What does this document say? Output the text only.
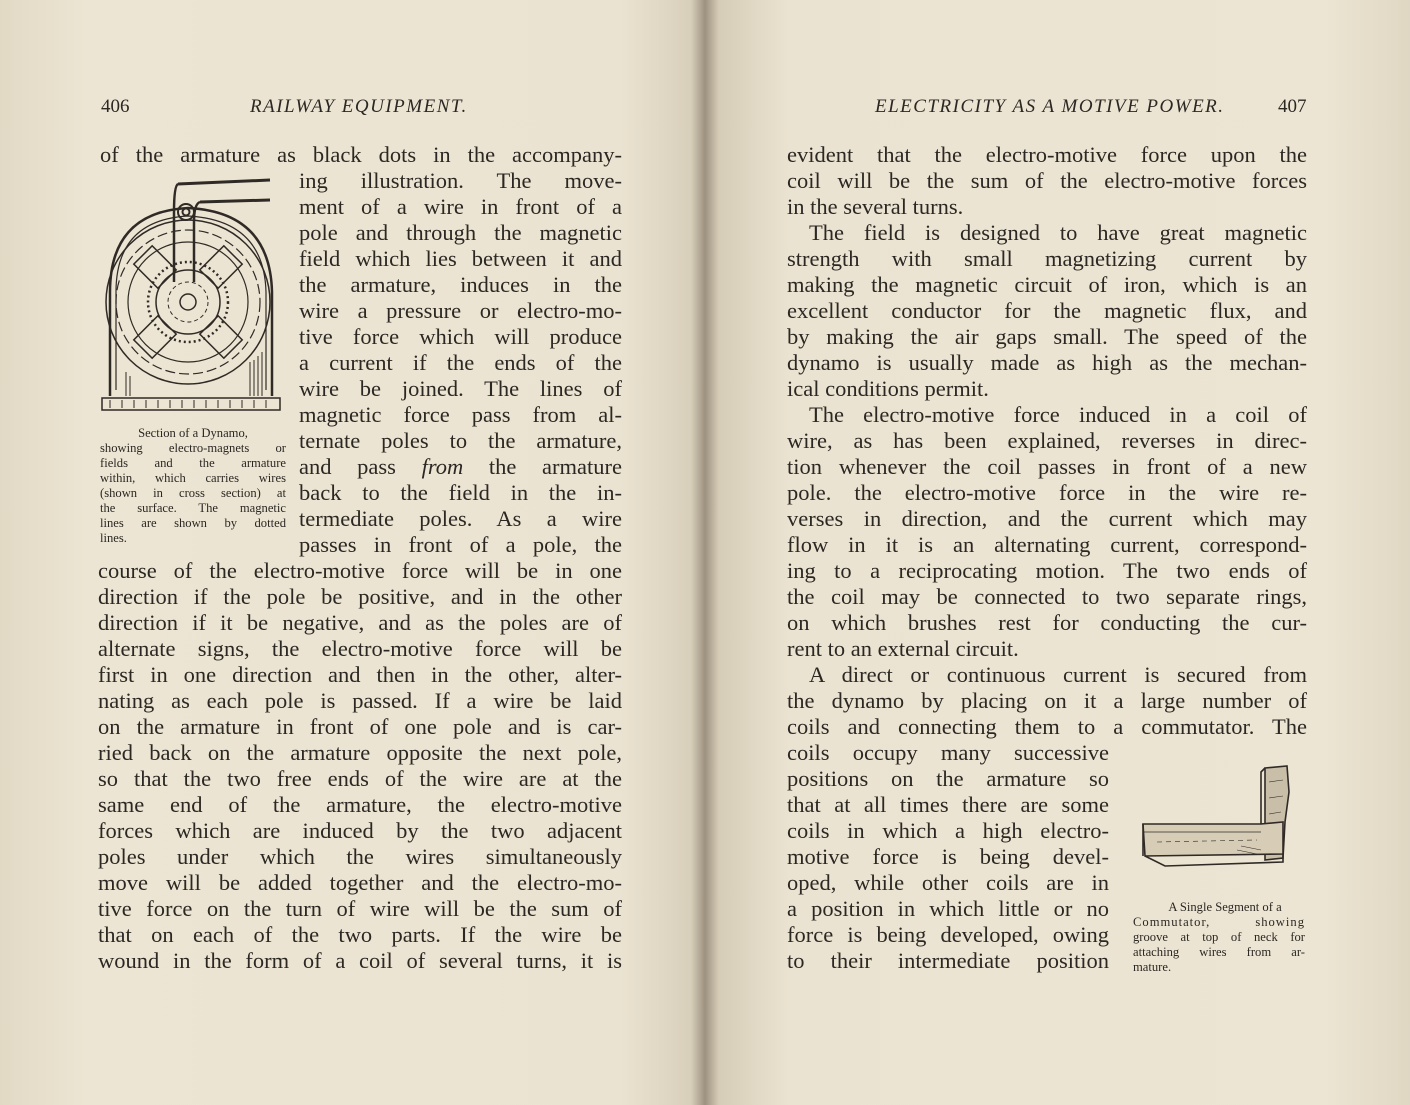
406	RAILWAY EQUIPMENT.
of the armature as black dots in the accompany-
Section of a Dynamo,
showing electro-magnets or
fields and the armature
within, which carries wires
(shown in cross section) at
the surface. The magnetic
lines are shown by dotted
lines.
ing illustration. The move-
ment of a wire in front of a
pole and through the magnetic
field which lies between it and
the armature, induces in the
wire a pressure or electro-mo-
tive force which will produce
a current if the ends of the
wire be joined. The lines of
magnetic force pass from al-
ternate poles to the armature,
and pass from the armature
back to the field in the in-
termediate poles. As a wire
passes in front of a pole, the
course of the electro-motive force will be in one
direction if the pole be positive, and in the other
direction if it be negative, and as the poles are of
alternate signs, the electro-motive force will be
first in one direction and then in the other, alter-
nating as each pole is passed. If a wire be laid
on the armature in front of one pole and is car-
ried back on the armature opposite the next pole,
so that the two free ends of the wire are at the
same end of the armature, the electro-motive
forces which are induced by the two adjacent
poles under which the wires simultaneously
move will be added together and the electro-mo-
tive force on the turn of wire will be the sum of
that on each of the two parts. If the wire be
wound in the form of a coil of several turns, it is
ELECTRICITY AS A MOTIVE POWER.	407
evident that the electro-motive force upon the
coil will be the sum of the electro-motive forces
in the several turns.
The field is designed to have great magnetic
strength with small magnetizing current by
making the magnetic circuit of iron, which is an
excellent conductor for the magnetic flux, and
by making the air gaps small. The speed of the
dynamo is usually made as high as the mechan-
ical conditions permit.
The electro-motive force induced in a coil of
wire, as has been explained, reverses in direc-
tion whenever the coil passes in front of a new
pole. the electro-motive force in the wire re-
verses in direction, and the current which may
flow in it is an alternating current, correspond-
ing to a reciprocating motion. The two ends of
the coil may be connected to two separate rings,
on which brushes rest for conducting the cur-
rent to an external circuit.
A direct or continuous current is secured from
the dynamo by placing on it a large number of
coils and connecting them to a commutator. The
coils occupy many successive
positions on the armature so
that at all times there are some
coils in which a high electro-
motive force is being devel-
oped, while other coils are in
a position in which little or no
force is being developed, owing
to their intermediate position
A Single Segment of a
Commutator, showing
groove at top of neck for
attaching wires from ar-
mature.
